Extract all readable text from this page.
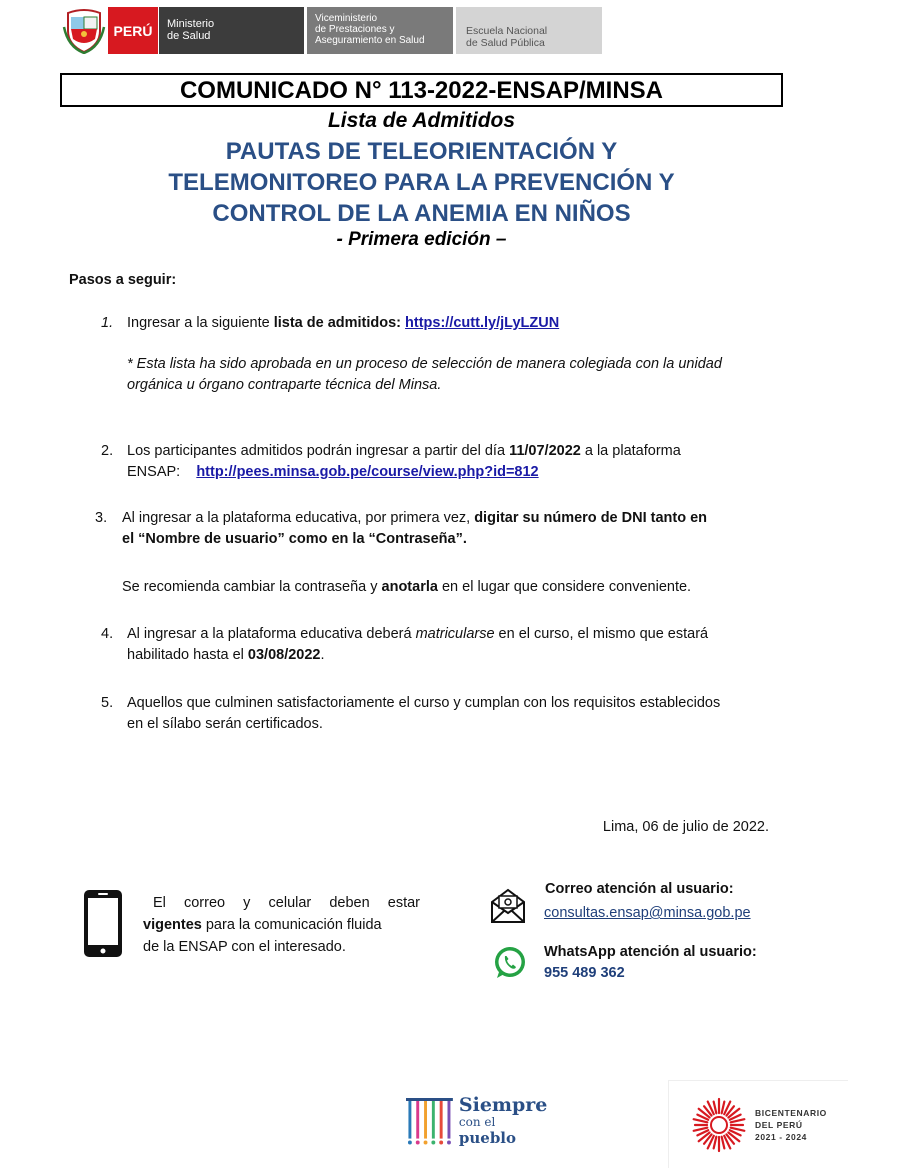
PERÚ	Ministerio
de Salud
Viceministerio
de Prestaciones y
Aseguramiento en Salud
Escuela Nacional
de Salud Pública
COMUNICADO N° 113-2022-ENSAP/MINSA
Lista de Admitidos
PAUTAS DE TELEORIENTACIÓN Y
TELEMONITOREO PARA LA PREVENCIÓN Y
CONTROL DE LA ANEMIA EN NIÑOS
- Primera edición –
Pasos a seguir:
1. Ingresar a la siguiente lista de admitidos: https://cutt.ly/jLyLZUN
* Esta lista ha sido aprobada en un proceso de selección de manera colegiada con la unidad
orgánica u órgano contraparte técnica del Minsa.
2. Los participantes admitidos podrán ingresar a partir del día 11/07/2022 a la plataforma
ENSAP: http://pees.minsa.gob.pe/course/view.php?id=812
3. Al ingresar a la plataforma educativa, por primera vez, digitar su número de DNI tanto en
el “Nombre de usuario” como en la “Contraseña”.
Se recomienda cambiar la contraseña y anotarla en el lugar que considere conveniente.
4. Al ingresar a la plataforma educativa deberá matricularse en el curso, el mismo que estará
habilitado hasta el 03/08/2022.
5. Aquellos que culminen satisfactoriamente el curso y cumplan con los requisitos establecidos
en el sílabo serán certificados.
Lima, 06 de julio de 2022.
El correo y celular deben estar
vigentes para la comunicación fluida
de la ENSAP con el interesado.
Correo atención al usuario:
consultas.ensap@minsa.gob.pe
WhatsApp atención al usuario:
955 489 362
Siempre
con el pueblo
BICENTENARIO
DEL PERÚ
2021 - 2024
